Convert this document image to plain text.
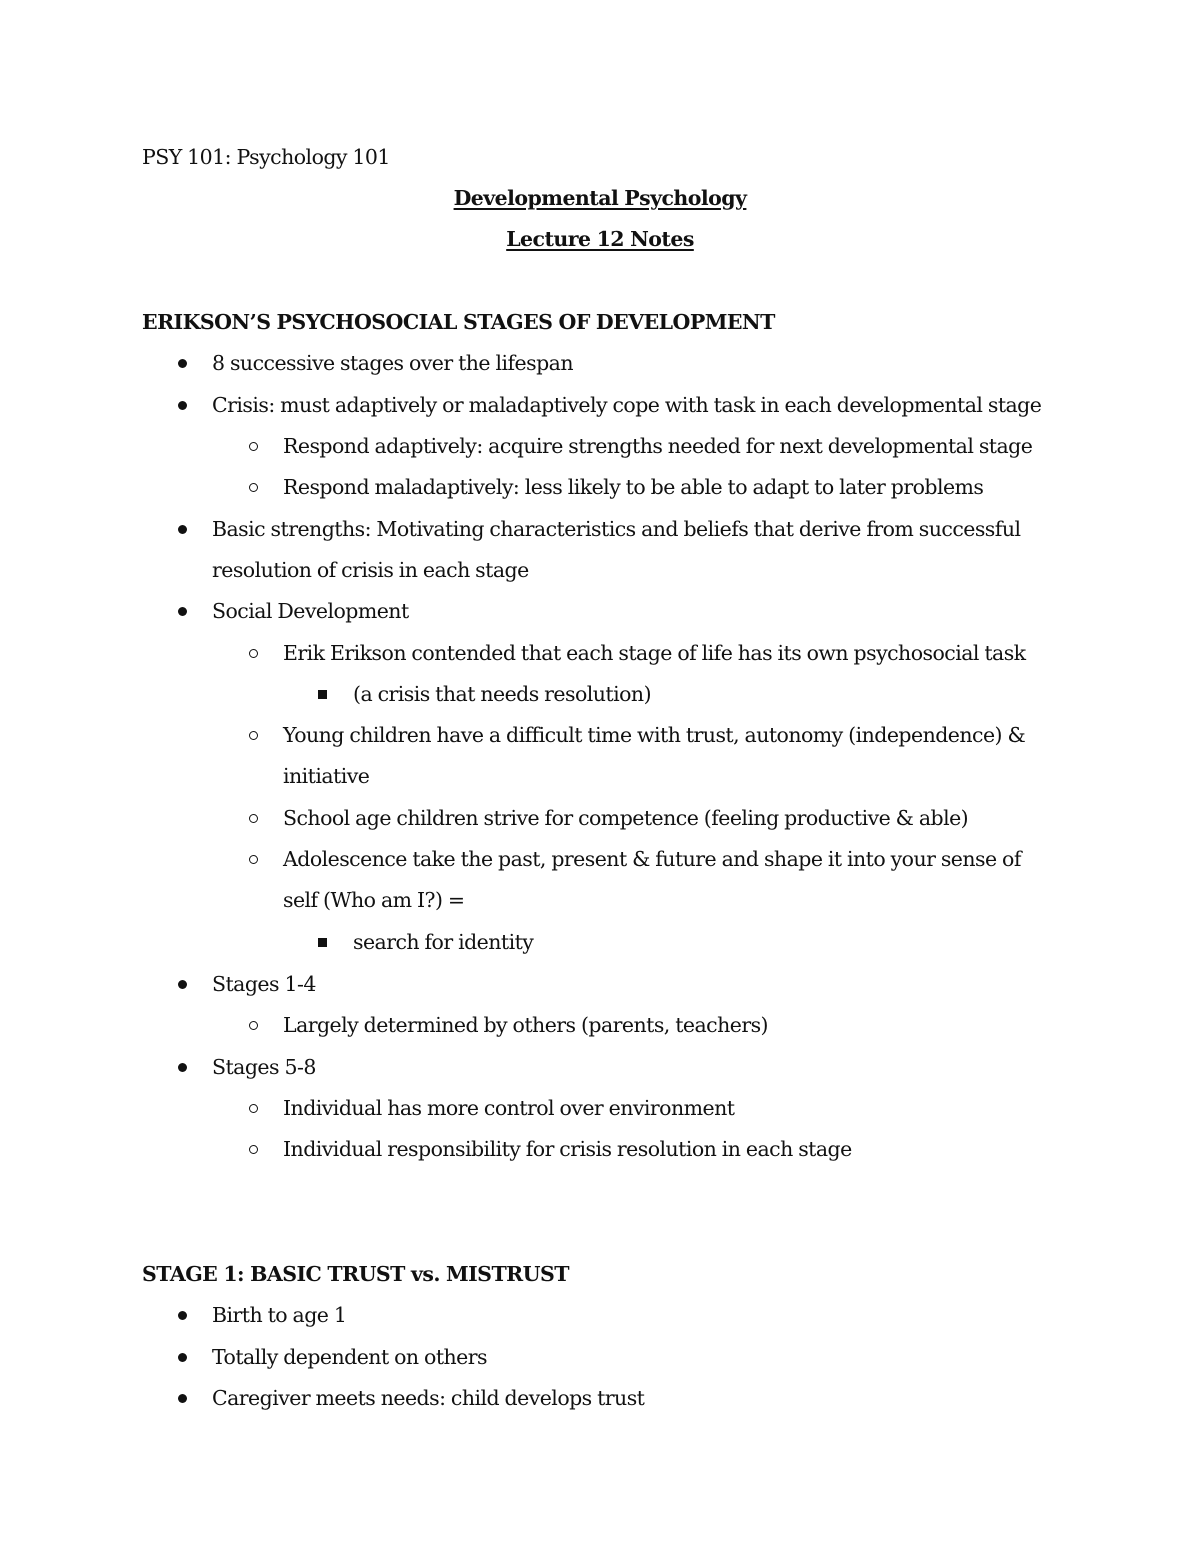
PSY 101: Psychology 101
Developmental Psychology
Lecture 12 Notes
ERIKSON’S PSYCHOSOCIAL STAGES OF DEVELOPMENT
8 successive stages over the lifespan
Crisis: must adaptively or maladaptively cope with task in each developmental stage
Respond adaptively: acquire strengths needed for next developmental stage
Respond maladaptively: less likely to be able to adapt to later problems
Basic strengths: Motivating characteristics and beliefs that derive from successful
resolution of crisis in each stage
Social Development
Erik Erikson contended that each stage of life has its own psychosocial task
(a crisis that needs resolution)
Young children have a difficult time with trust, autonomy (independence) &
initiative
School age children strive for competence (feeling productive & able)
Adolescence take the past, present & future and shape it into your sense of
self (Who am I?) =
search for identity
Stages 1-4
Largely determined by others (parents, teachers)
Stages 5-8
Individual has more control over environment
Individual responsibility for crisis resolution in each stage
STAGE 1: BASIC TRUST vs. MISTRUST
Birth to age 1
Totally dependent on others
Caregiver meets needs: child develops trust
